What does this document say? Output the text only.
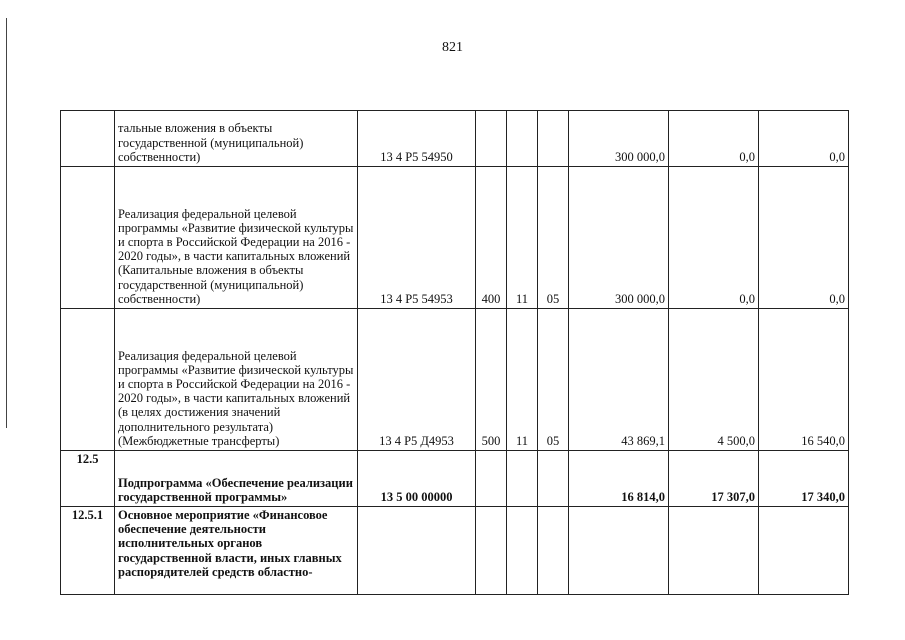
821
	тальные вложения в объекты государственной (муниципальной) собственности)	13 4 Р5 54950				300 000,0	0,0	0,0
	Реализация федеральной целевой программы «Развитие физической культуры и спорта в Российской Федерации на 2016 - 2020 годы», в части капитальных вложений (Капитальные вложения в объекты государственной (муниципальной) собственности)	13 4 Р5 54953	400	11	05	300 000,0	0,0	0,0
	Реализация федеральной целевой программы «Развитие физической культуры и спорта в Российской Федерации на 2016 - 2020 годы», в части капитальных вложений (в целях достижения значений дополнительного результата) (Межбюджетные трансферты)	13 4 Р5 Д4953	500	11	05	43 869,1	4 500,0	16 540,0
12.5	Подпрограмма «Обеспечение реализации государственной программы»	13 5 00 00000				16 814,0	17 307,0	17 340,0
12.5.1	Основное мероприятие «Финансовое обеспечение деятельности исполнительных органов государственной власти, иных главных распорядителей средств областно-							
